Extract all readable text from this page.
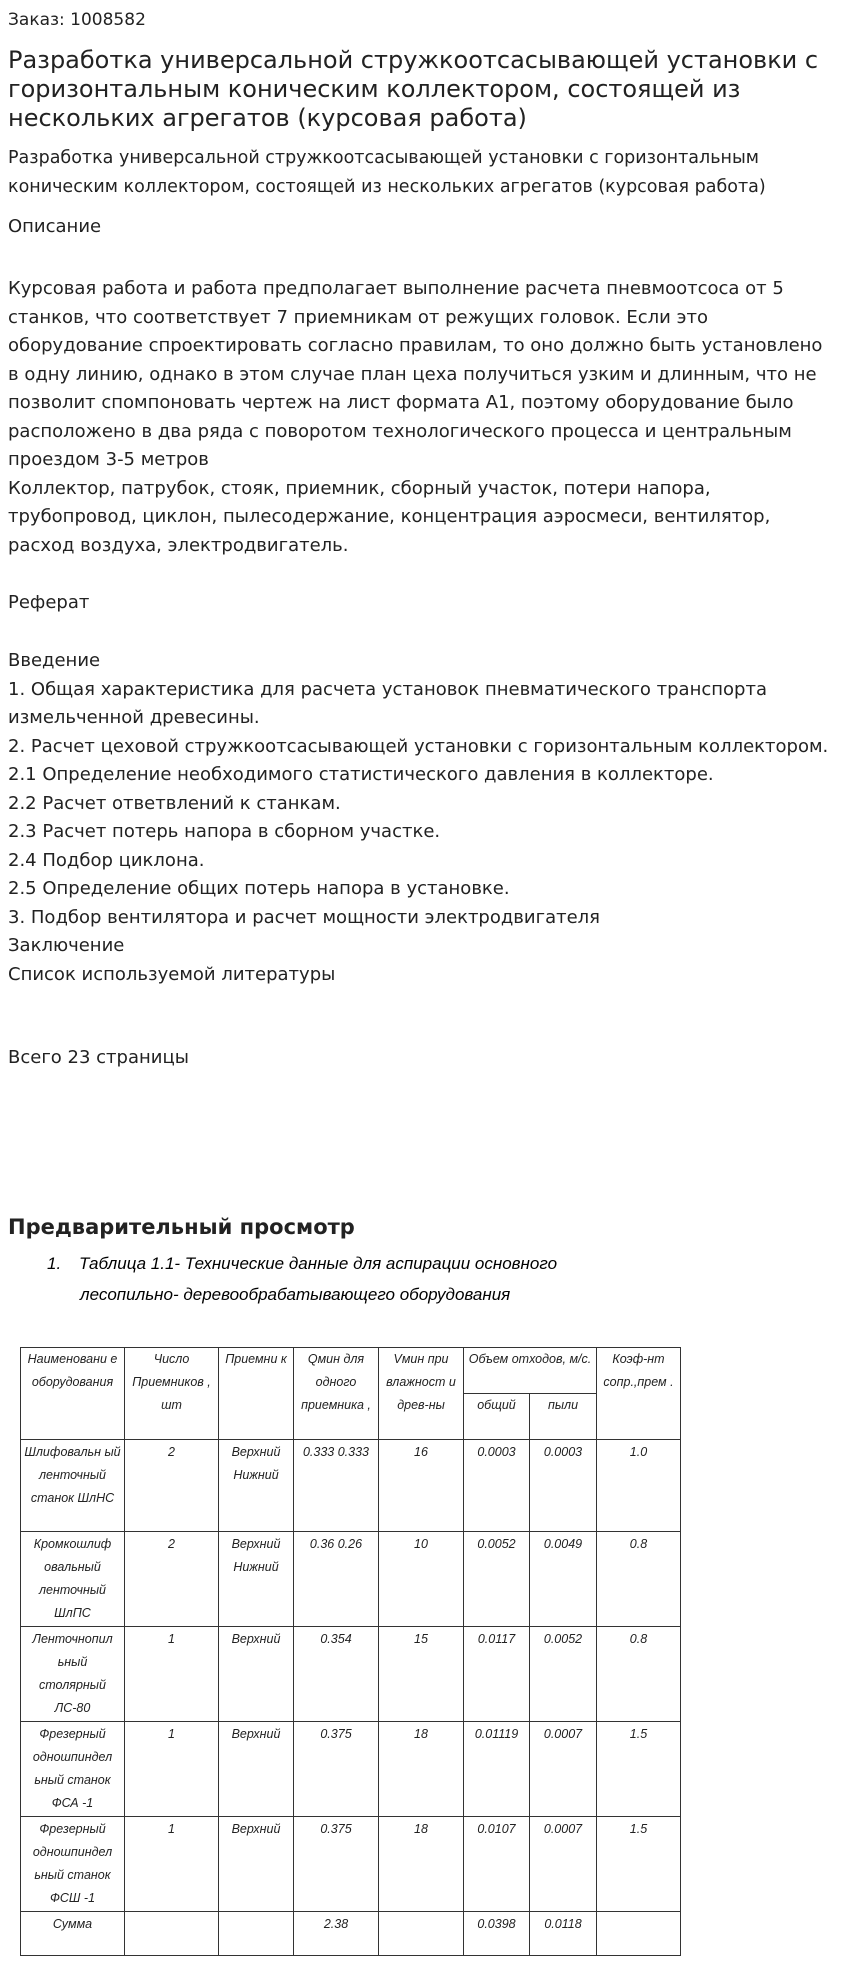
Заказ: 1008582
Разработка универсальной стружкоотсасывающей установки с горизонтальным коническим коллектором, состоящей из нескольких агрегатов (курсовая работа)
Разработка универсальной стружкоотсасывающей установки с горизонтальным коническим коллектором, состоящей из нескольких агрегатов (курсовая работа)
Описание
Курсовая работа и работа предполагает выполнение расчета пневмоотсоса от 5 станков, что соответствует 7 приемникам от режущих головок. Если это оборудование спроектировать согласно правилам, то оно должно быть установлено в одну линию, однако в этом случае план цеха получиться узким и длинным, что не позволит спомпоновать чертеж на лист формата А1, поэтому оборудование было расположено в два ряда с поворотом технологического процесса и центральным проездом 3-5 метров
Коллектор, патрубок, стояк, приемник, сборный участок, потери напора, трубопровод, циклон, пылесодержание, концентрация аэросмеси, вентилятор, расход воздуха, электродвигатель.
Реферат
Введение
1. Общая характеристика для расчета установок пневматического транспорта измельченной древесины.
2. Расчет цеховой стружкоотсасывающей установки с горизонтальным коллектором.
2.1 Определение необходимого статистического давления в коллекторе.
2.2 Расчет ответвлений к станкам.
2.3 Расчет потерь напора в сборном участке.
2.4 Подбор циклона.
2.5 Определение общих потерь напора в установке.
3. Подбор вентилятора и расчет мощности электродвигателя
Заключение
Список используемой литературы
Всего 23 страницы
Предварительный просмотр
1. Таблица 1.1- Технические данные для аспирации основного
лесопильно- деревообрабатывающего оборудования
Наименовани е оборудования	Число Приемников , шт	Приемни к	Qмин для одного приемника ,	Vмин при влажност и древ-ны	Объем отходов, м/с.		Коэф-нт сопр.,прем .
					общий	пыли	
Шлифовальн ый ленточный станок ШлНС	2	Верхний Нижний	0.333 0.333	16	0.0003	0.0003	1.0
Кромкошлиф овальный ленточный ШлПС	2	Верхний Нижний	0.36 0.26	10	0.0052	0.0049	0.8
Ленточнопил ьный столярный ЛС-80	1	Верхний	0.354	15	0.0117	0.0052	0.8
Фрезерный одношпиндел ьный станок ФСА -1	1	Верхний	0.375	18	0.01119	0.0007	1.5
Фрезерный одношпиндел ьный станок ФСШ -1	1	Верхний	0.375	18	0.0107	0.0007	1.5
Сумма			2.38		0.0398	0.0118	
